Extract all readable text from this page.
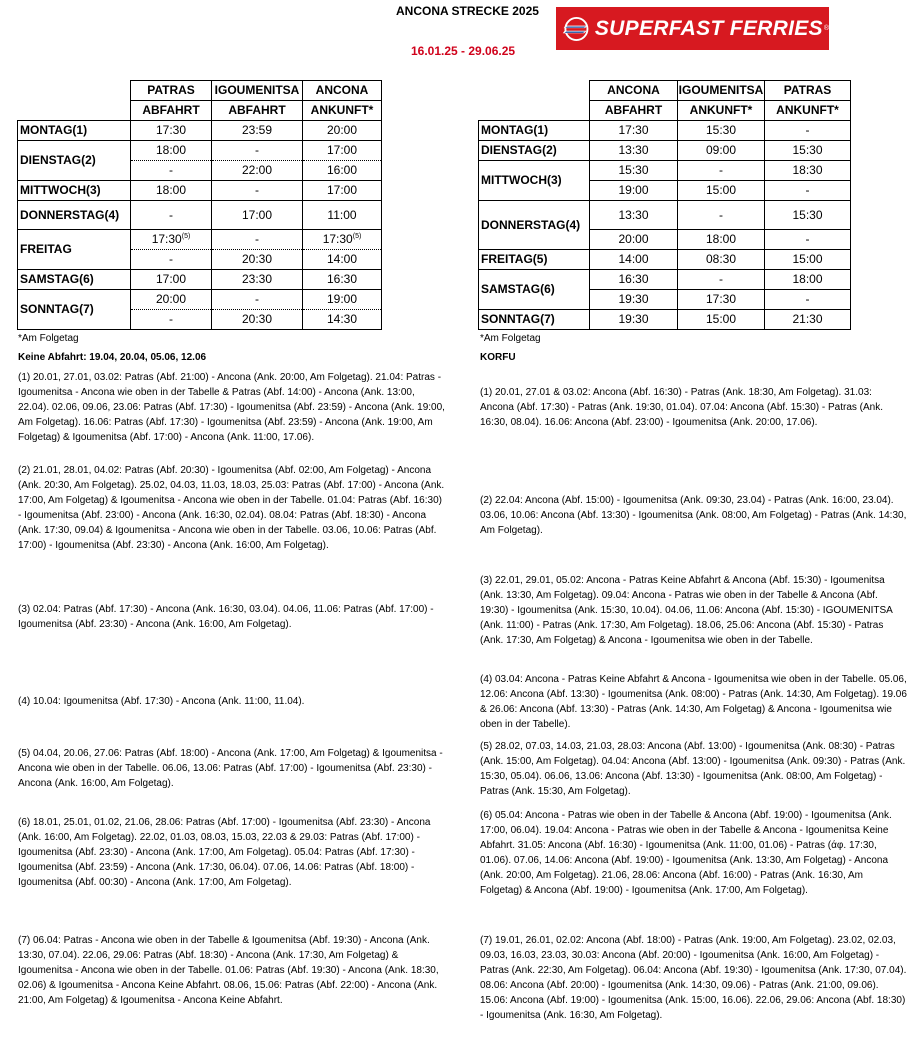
ANCONA STRECKE 2025
16.01.25 - 29.06.25
SUPERFAST FERRIES ®
	PATRAS	IGOUMENITSA	ANCONA
	ABFAHRT	ABFAHRT	ANKUNFT*
MONTAG(1)	17:30	23:59	20:00
DIENSTAG(2)	18:00	-	17:00
	-	22:00	16:00
MITTWOCH(3)	18:00	-	17:00
DONNERSTAG(4)	-	17:00	11:00
FREITAG	17:30$^{(5)}$	-	17:30$^{(5)}$
	-	20:30	14:00
SAMSTAG(6)	17:00	23:30	16:30
SONNTAG(7)	20:00	-	19:00
	-	20:30	14:30
	ANCONA	IGOUMENITSA	PATRAS
	ABFAHRT	ANKUNFT*	ANKUNFT*
MONTAG(1)	17:30	15:30	-
DIENSTAG(2)	13:30	09:00	15:30
MITTWOCH(3)	15:30	-	18:30
	19:00	15:00	-
DONNERSTAG(4)	13:30	-	15:30
	20:00	18:00	-
FREITAG(5)	14:00	08:30	15:00
SAMSTAG(6)	16:30	-	18:00
	19:30	17:30	-
SONNTAG(7)	19:30	15:00	21:30
*Am Folgetag
Keine Abfahrt: 19.04, 20.04, 05.06, 12.06
(1) 20.01, 27.01, 03.02: Patras (Abf. 21:00) - Ancona (Ank. 20:00, Am Folgetag). 21.04: Patras - Igoumenitsa - Ancona wie oben in der Tabelle & Patras (Abf. 14:00) - Ancona (Ank. 13:00, 22.04). 02.06, 09.06, 23.06: Patras (Abf. 17:30) - Igoumenitsa (Abf. 23:59) - Ancona (Ank. 19:00, Am Folgetag). 16.06: Patras (Abf. 17:30) - Igoumenitsa (Abf. 23:59) - Ancona (Ank. 19:00, Am Folgetag) & Igoumenitsa (Abf. 17:00) - Ancona (Ank. 11:00, 17.06).
(2) 21.01, 28.01, 04.02: Patras (Abf. 20:30) - Igoumenitsa (Abf. 02:00, Am Folgetag) - Ancona (Ank. 20:30, Am Folgetag). 25.02, 04.03, 11.03, 18.03, 25.03: Patras (Abf. 17:00) - Ancona (Ank. 17:00, Am Folgetag) & Igoumenitsa - Ancona wie oben in der Tabelle. 01.04: Patras (Abf. 16:30) - Igoumenitsa (Abf. 23:00) - Ancona (Ank. 16:30, 02.04). 08.04: Patras (Abf. 18:30) - Ancona (Ank. 17:30, 09.04) & Igoumenitsa - Ancona wie oben in der Tabelle. 03.06, 10.06: Patras (Abf. 17:00) - Igoumenitsa (Abf. 23:30) - Ancona (Ank. 16:00, Am Folgetag).
(3) 02.04: Patras (Abf. 17:30) - Ancona (Ank. 16:30, 03.04). 04.06, 11.06: Patras (Abf. 17:00) - Igoumenitsa (Abf. 23:30) - Ancona (Ank. 16:00, Am Folgetag).
(4) 10.04: Igoumenitsa (Abf. 17:30) - Ancona (Ank. 11:00, 11.04).
(5) 04.04, 20.06, 27.06: Patras (Abf. 18:00) - Ancona (Ank. 17:00, Am Folgetag) & Igoumenitsa - Ancona wie oben in der Tabelle. 06.06, 13.06: Patras (Abf. 17:00) - Igoumenitsa (Abf. 23:30) - Ancona (Ank. 16:00, Am Folgetag).
(6) 18.01, 25.01, 01.02, 21.06, 28.06: Patras (Abf. 17:00) - Igoumenitsa (Abf. 23:30) - Ancona (Ank. 16:00, Am Folgetag). 22.02, 01.03, 08.03, 15.03, 22.03 & 29.03: Patras (Abf. 17:00) - Igoumenitsa (Abf. 23:30) - Ancona (Ank. 17:00, Am Folgetag). 05.04: Patras (Abf. 17:30) - Igoumenitsa (Abf. 23:59) - Ancona (Ank. 17:30, 06.04). 07.06, 14.06: Patras (Abf. 18:00) - Igoumenitsa (Abf. 00:30) - Ancona (Ank. 17:00, Am Folgetag).
(7) 06.04: Patras - Ancona wie oben in der Tabelle & Igoumenitsa (Abf. 19:30) - Ancona (Ank. 13:30, 07.04). 22.06, 29.06: Patras (Abf. 18:30) - Ancona (Ank. 17:30, Am Folgetag) & Igoumenitsa - Ancona wie oben in der Tabelle. 01.06: Patras (Abf. 19:30) - Ancona (Ank. 18:30, 02.06) & Igoumenitsa - Ancona Keine Abfahrt. 08.06, 15.06: Patras (Abf. 22:00) - Ancona (Ank. 21:00, Am Folgetag) & Igoumenitsa - Ancona Keine Abfahrt.
*Am Folgetag
KORFU
(1) 20.01, 27.01 & 03.02: Ancona (Abf. 16:30) - Patras (Ank. 18:30, Am Folgetag). 31.03: Ancona (Abf. 17:30) - Patras (Ank. 19:30, 01.04). 07.04: Ancona (Abf. 15:30) - Patras (Ank. 16:30, 08.04). 16.06: Ancona (Abf. 23:00) - Igoumenitsa (Ank. 20:00, 17.06).
(2) 22.04: Ancona (Abf. 15:00) - Igoumenitsa (Ank. 09:30, 23.04) - Patras (Ank. 16:00, 23.04). 03.06, 10.06: Ancona (Abf. 13:30) - Igoumenitsa (Ank. 08:00, Am Folgetag) - Patras (Ank. 14:30, Am Folgetag).
(3) 22.01, 29.01, 05.02: Ancona - Patras Keine Abfahrt & Ancona (Abf. 15:30) - Igoumenitsa (Ank. 13:30, Am Folgetag). 09.04: Ancona - Patras wie oben in der Tabelle & Ancona (Abf. 19:30) - Igoumenitsa (Ank. 15:30, 10.04). 04.06, 11.06: Ancona (Abf. 15:30) - IGOUMENITSA (Ank. 11:00) - Patras (Ank. 17:30, Am Folgetag). 18.06, 25.06: Ancona (Abf. 15:30) - Patras (Ank. 17:30, Am Folgetag) & Ancona - Igoumenitsa wie oben in der Tabelle.
(4) 03.04: Ancona - Patras Keine Abfahrt & Ancona - Igoumenitsa wie oben in der Tabelle. 05.06, 12.06: Ancona (Abf. 13:30) - Igoumenitsa (Ank. 08:00) - Patras (Ank. 14:30, Am Folgetag). 19.06 & 26.06: Ancona (Abf. 13:30) - Patras (Ank. 14:30, Am Folgetag) & Ancona - Igoumenitsa wie oben in der Tabelle).
(5) 28.02, 07.03, 14.03, 21.03, 28.03: Ancona (Abf. 13:00) - Igoumenitsa (Ank. 08:30) - Patras (Ank. 15:00, Am Folgetag). 04.04: Ancona (Abf. 13:00) - Igoumenitsa (Ank. 09:30) - Patras (Ank. 15:30, 05.04). 06.06, 13.06: Ancona (Abf. 13:30) - Igoumenitsa (Ank. 08:00, Am Folgetag) - Patras (Ank. 15:30, Am Folgetag).
(6) 05.04: Ancona - Patras wie oben in der Tabelle & Ancona (Abf. 19:00) - Igoumenitsa (Ank. 17:00, 06.04). 19.04: Ancona - Patras wie oben in der Tabelle & Ancona - Igoumenitsa Keine Abfahrt. 31.05: Ancona (Abf. 16:30) - Igoumenitsa (Ank. 11:00, 01.06) - Patras (άφ. 17:30, 01.06). 07.06, 14.06: Ancona (Abf. 19:00) - Igoumenitsa (Ank. 13:30, Am Folgetag) - Ancona (Ank. 20:00, Am Folgetag). 21.06, 28.06: Ancona (Abf. 16:00) - Patras (Ank. 16:30, Am Folgetag) & Ancona (Abf. 19:00) - Igoumenitsa (Ank. 17:00, Am Folgetag).
(7) 19.01, 26.01, 02.02: Ancona (Abf. 18:00) - Patras (Ank. 19:00, Am Folgetag). 23.02, 02.03, 09.03, 16.03, 23.03, 30.03: Ancona (Abf. 20:00) - Igoumenitsa (Ank. 16:00, Am Folgetag) - Patras (Ank. 22:30, Am Folgetag). 06.04: Ancona (Abf. 19:30) - Igoumenitsa (Ank. 17:30, 07.04). 08.06: Ancona (Abf. 20:00) - Igoumenitsa (Ank. 14:30, 09.06) - Patras (Ank. 21:00, 09.06). 15.06: Ancona (Abf. 19:00) - Igoumenitsa (Ank. 15:00, 16.06). 22.06, 29.06: Ancona (Abf. 18:30) - Igoumenitsa (Ank. 16:30, Am Folgetag).
